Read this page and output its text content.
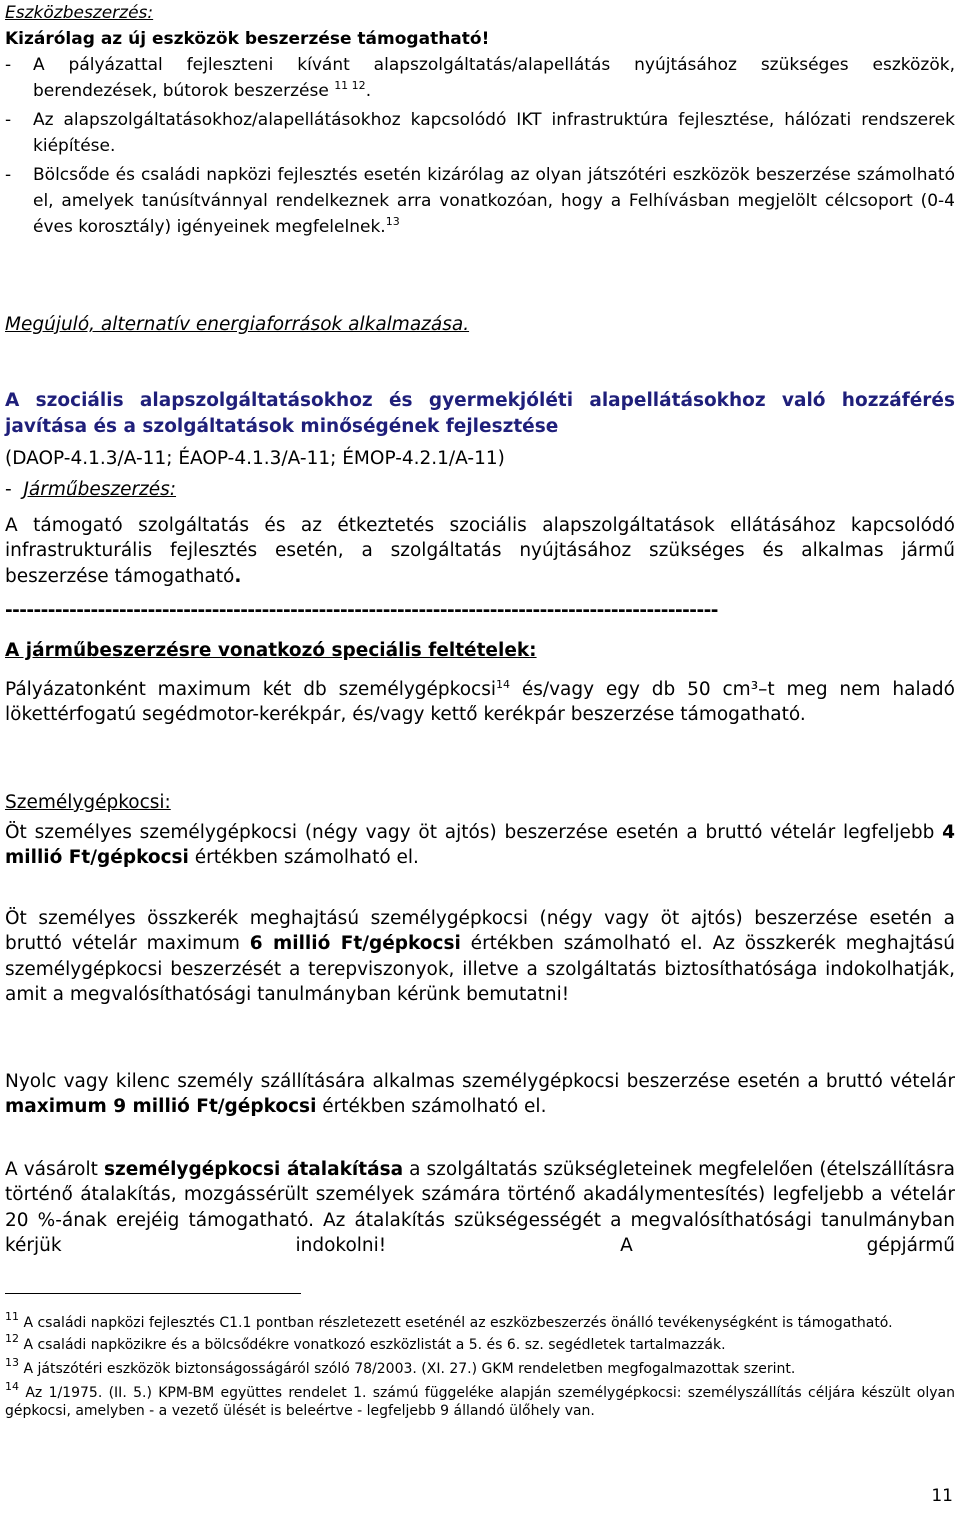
Eszközbeszerzés:
Kizárólag az új eszközök beszerzése támogatható!
-	A pályázattal fejleszteni kívánt alapszolgáltatás/alapellátás nyújtásához szükséges eszközök, berendezések, bútorok beszerzése $^{11 12}$.
-	Az alapszolgáltatásokhoz/alapellátásokhoz kapcsolódó IKT infrastruktúra fejlesztése, hálózati rendszerek kiépítése.
-	Bölcsőde és családi napközi fejlesztés esetén kizárólag az olyan játszótéri eszközök beszerzése számolható el, amelyek tanúsítvánnyal rendelkeznek arra vonatkozóan, hogy a Felhívásban megjelölt célcsoport (0-4 éves korosztály) igényeinek megfelelnek.$^{13}$
Megújuló, alternatív energiaforrások alkalmazása.
A szociális alapszolgáltatásokhoz és gyermekjóléti alapellátásokhoz való hozzáférés javítása és a szolgáltatások minőségének fejlesztése
(DAOP-4.1.3/A-11; ÉAOP-4.1.3/A-11; ÉMOP-4.2.1/A-11)
- Járműbeszerzés:
A támogató szolgáltatás és az étkeztetés szociális alapszolgáltatások ellátásához kapcsolódó infrastrukturális fejlesztés esetén, a szolgáltatás nyújtásához szükséges és alkalmas jármű beszerzése támogatható.
----------------------------------------------------------------------------------------------------
A járműbeszerzésre vonatkozó speciális feltételek:
Pályázatonként maximum két db személygépkocsi$^{14}$ és/vagy egy db 50 cm³–t meg nem haladó lökettérfogatú segédmotor-kerékpár, és/vagy kettő kerékpár beszerzése támogatható.
Személygépkocsi:
Öt személyes személygépkocsi (négy vagy öt ajtós) beszerzése esetén a bruttó vételár legfeljebb 4 millió Ft/gépkocsi értékben számolható el.
Öt személyes összkerék meghajtású személygépkocsi (négy vagy öt ajtós) beszerzése esetén a bruttó vételár maximum 6 millió Ft/gépkocsi értékben számolható el. Az összkerék meghajtású személygépkocsi beszerzését a terepviszonyok, illetve a szolgáltatás biztosíthatósága indokolhatják, amit a megvalósíthatósági tanulmányban kérünk bemutatni!
Nyolc vagy kilenc személy szállítására alkalmas személygépkocsi beszerzése esetén a bruttó vételár maximum 9 millió Ft/gépkocsi értékben számolható el.
A vásárolt személygépkocsi átalakítása a szolgáltatás szükségleteinek megfelelően (ételszállításra történő átalakítás, mozgássérült személyek számára történő akadálymentesítés) legfeljebb a vételár 20 %-ának erejéig támogatható. Az átalakítás szükségességét a megvalósíthatósági tanulmányban kérjük indokolni! A gépjármű
$^{11}$ A családi napközi fejlesztés C1.1 pontban részletezett esetén​él az eszközbeszerzés önálló tevékenységként is támogatható.
$^{12}$ A családi napközikre és a bölcsődékre vonatkozó eszközlistát a 5. és 6. sz. segédletek tartalmazzák.
$^{13}$ A játszótéri eszközök biztonságosságáról szóló 78/2003. (XI. 27.) GKM rendeletben megfogalmazottak szerint.
$^{14}$ Az 1/1975. (II. 5.) KPM-BM együttes rendelet 1. számú függeléke alapján személygépkocsi: személyszállítás céljára készült olyan gépkocsi, amelyben - a vezető ülését is beleértve - legfeljebb 9 állandó ülőhely van.
11
